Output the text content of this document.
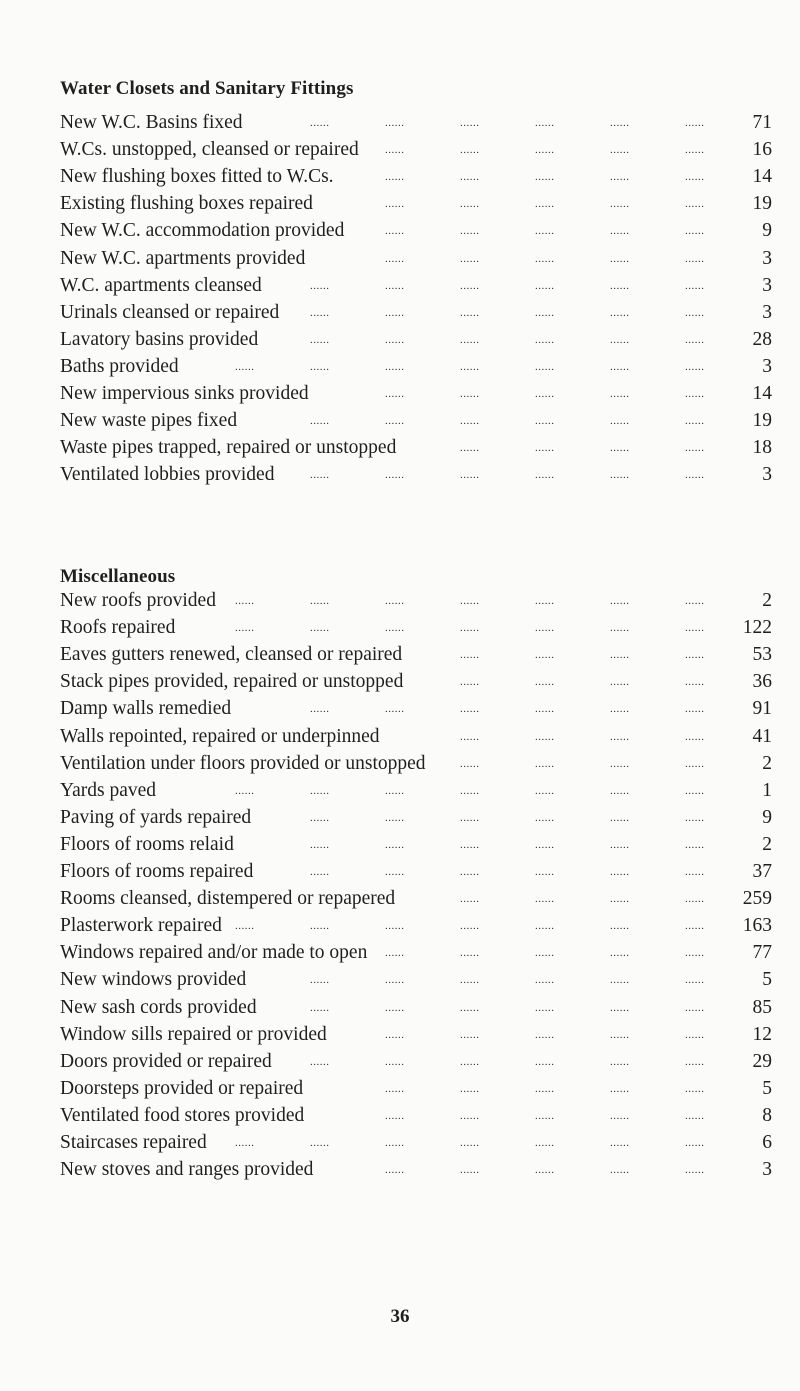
Water Closets and Sanitary Fittings
New W.C. Basins fixed	......	......	......	......	......	......	71
W.Cs. unstopped, cleansed or repaired ......	......	......	......	......	16
New flushing boxes fitted to W.Cs.	......	......	......	......	......	14
Existing flushing boxes repaired	......	......	......	......	......	19
New W.C. accommodation provided	......	......	......	......	......	9
New W.C. apartments provided	......	......	......	......	......	3
W.C. apartments cleansed	......	......	......	......	......	......	3
Urinals cleansed or repaired	......	......	......	......	......	......	3
Lavatory basins provided	......	......	......	......	......	......	28
Baths provided	......	......	......	......	......	......	......	3
New impervious sinks provided	......	......	......	......	......	14
New waste pipes fixed	......	......	......	......	......	......	19
Waste pipes trapped, repaired or unstopped	......	......	......	......	18
Ventilated lobbies provided	......	......	......	......	......	......	3
Miscellaneous
New roofs provided ......	......	......	......	......	......	......	2
Roofs repaired	......	......	......	......	......	......	......	122
Eaves gutters renewed, cleansed or repaired	......	......	......	......	53
Stack pipes provided, repaired or unstopped	......	......	......	......	36
Damp walls remedied	......	......	......	......	......	......	91
Walls repointed, repaired or underpinned	......	......	......	......	41
Ventilation under floors provided or unstopped	......	......	......	......	2
Yards paved	......	......	......	......	......	......	......	1
Paving of yards repaired	......	......	......	......	......	......	9
Floors of rooms relaid	......	......	......	......	......	......	2
Floors of rooms repaired	......	......	......	......	......	......	37
Rooms cleansed, distempered or repapered	......	......	......	......	259
Plasterwork repaired ......	......	......	......	......	......	......	163
Windows repaired and/or made to open ......	......	......	......	......	77
New windows provided	......	......	......	......	......	......	5
New sash cords provided	......	......	......	......	......	......	85
Window sills repaired or provided	......	......	......	......	......	12
Doors provided or repaired	......	......	......	......	......	......	29
Doorsteps provided or repaired	......	......	......	......	......	5
Ventilated food stores provided	......	......	......	......	......	8
Staircases repaired	......	......	......	......	......	......	......	6
New stoves and ranges provided	......	......	......	......	......	3
36
